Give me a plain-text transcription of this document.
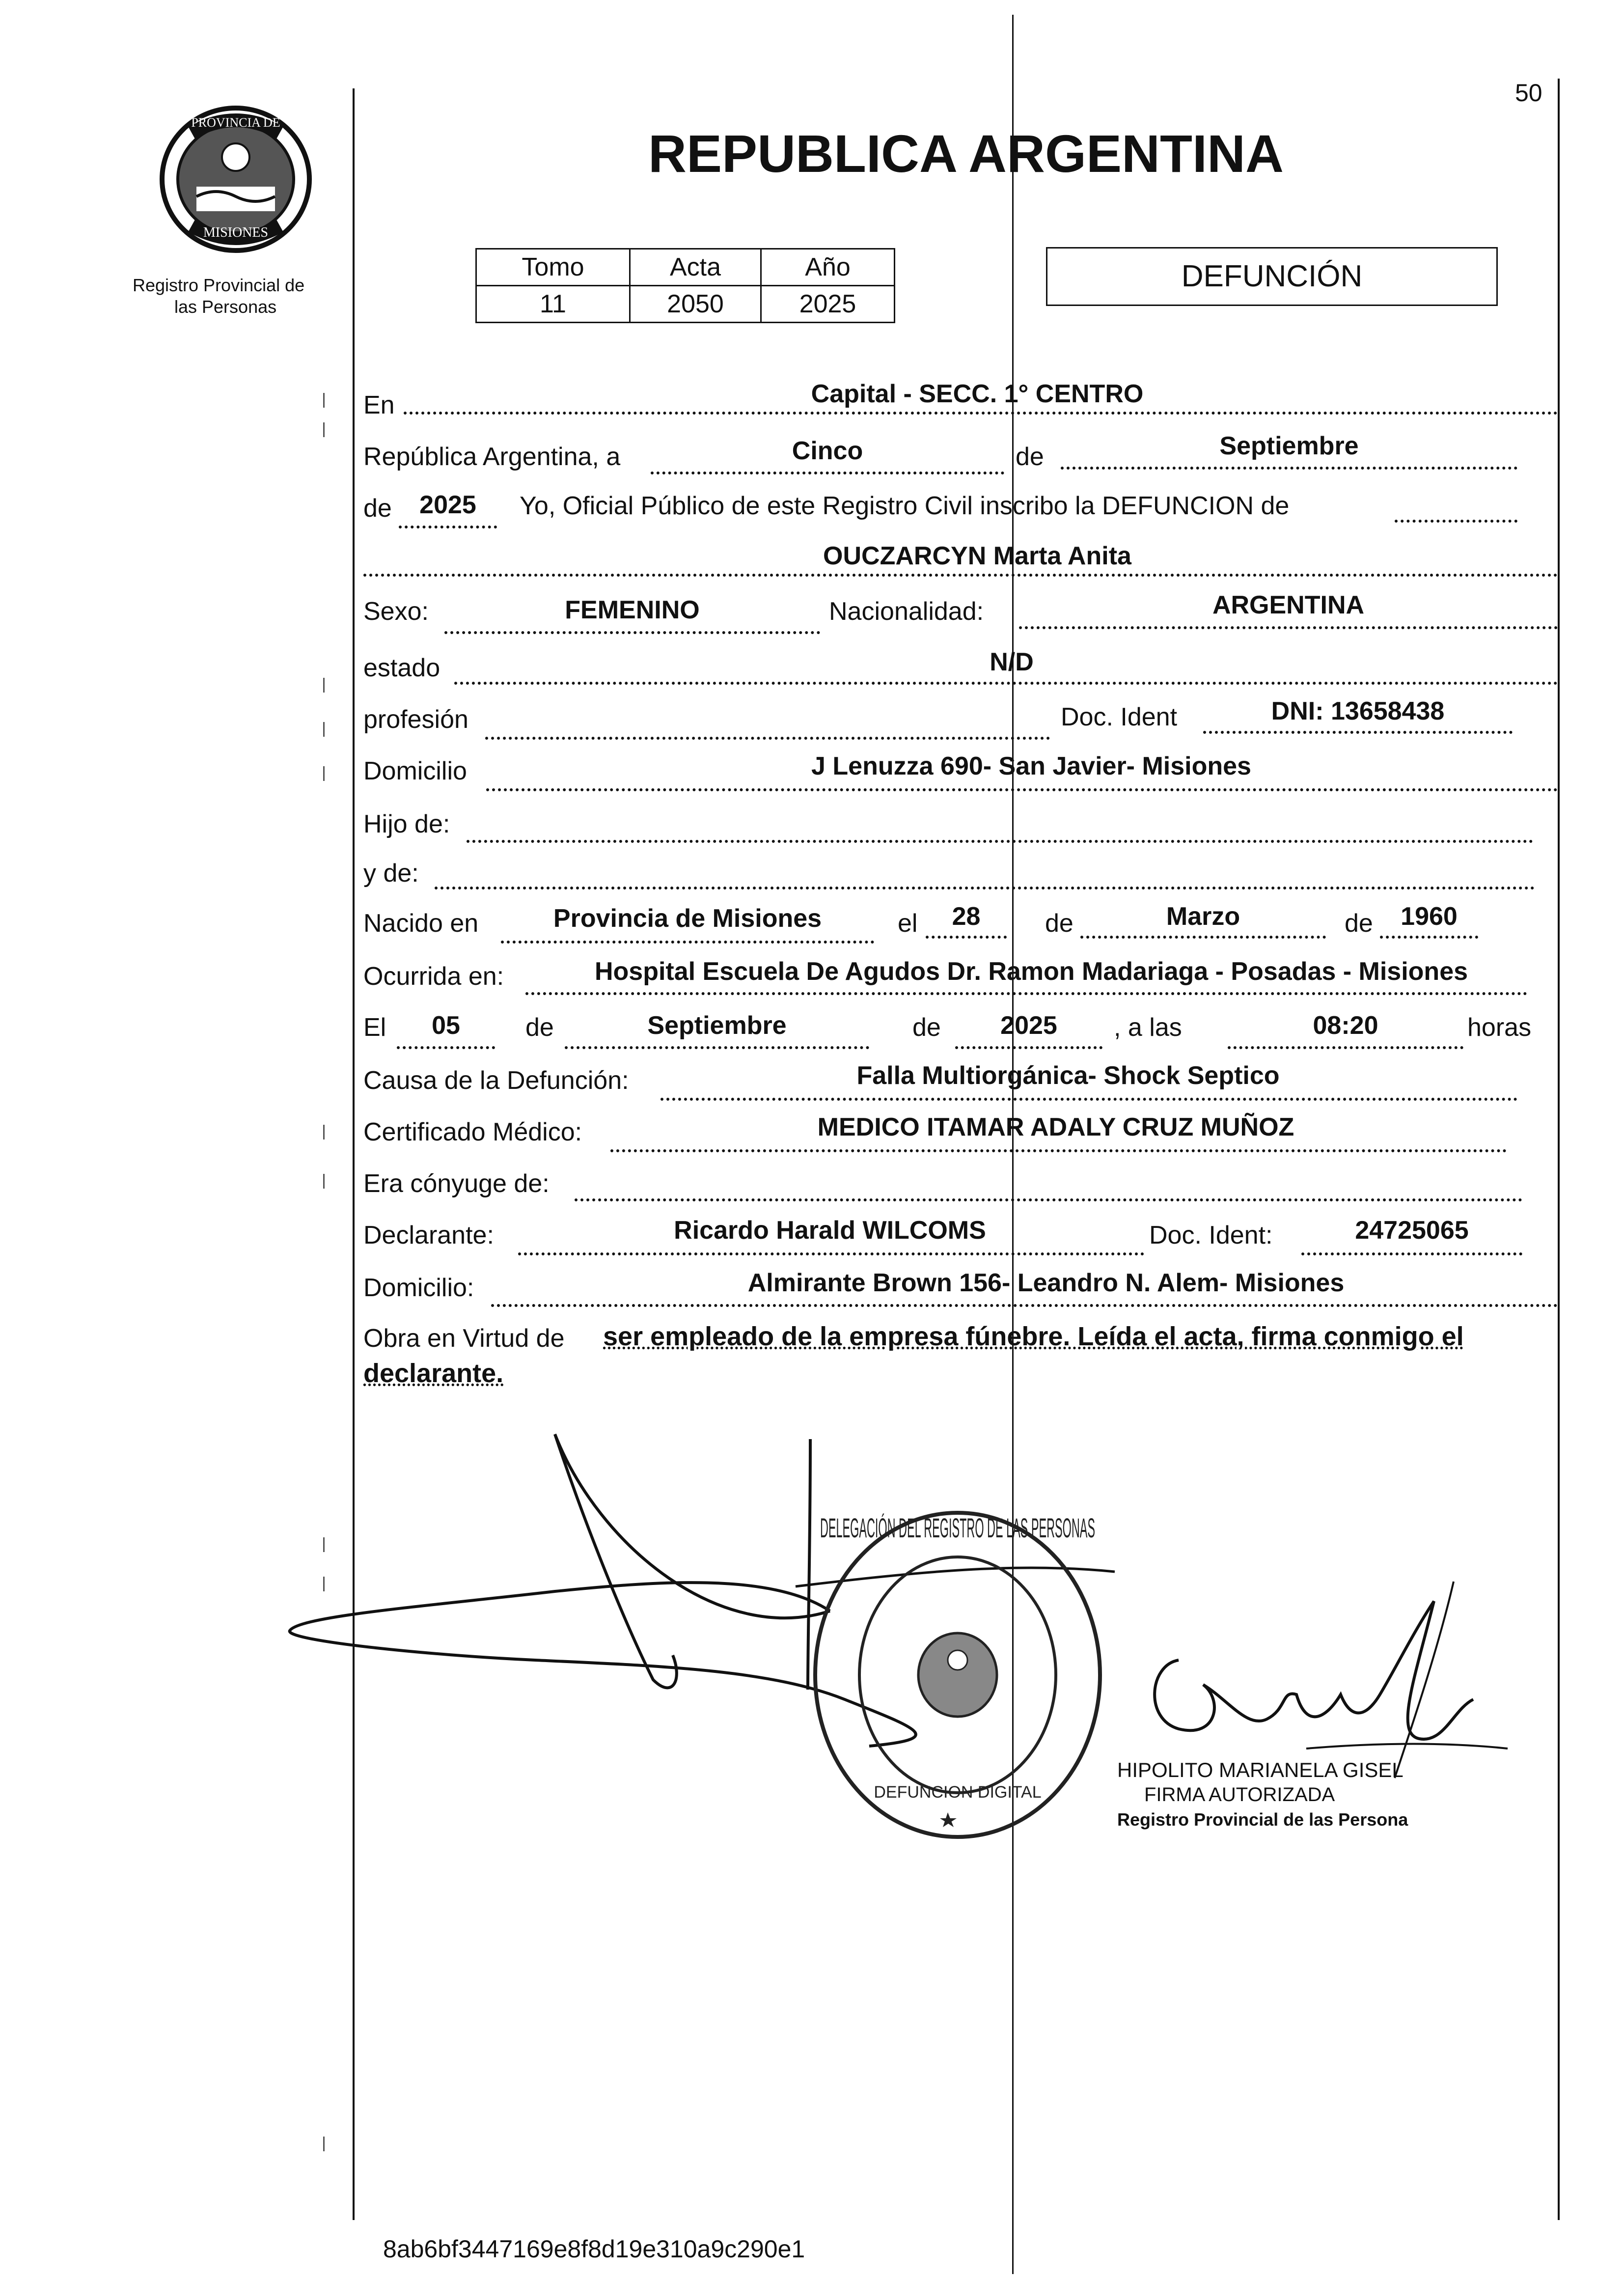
PROVINCIA DE
MISIONES
Registro Provincial de
las Personas
50
REPUBLICA ARGENTINA
Tomo	Acta	Año
11	2050	2025
DEFUNCIÓN
En	Capital - SECC. 1° CENTRO
República Argentina, a	Cinco	de	Septiembre
de	2025	Yo, Oficial Público de este Registro Civil inscribo la DEFUNCION de
OUCZARCYN Marta Anita
Sexo:	FEMENINO	Nacionalidad:	ARGENTINA
estado	N/D
profesión	Doc. Ident	DNI: 13658438
Domicilio	J Lenuzza 690- San Javier- Misiones
Hijo de:
y de:
Nacido en	Provincia de Misiones	el	28	de	Marzo	de	1960
Ocurrida en:	Hospital Escuela De Agudos Dr. Ramon Madariaga - Posadas - Misiones
El	05	de	Septiembre	de	2025	, a las	08:20	horas
Causa de la Defunción:	Falla Multiorgánica- Shock Septico
Certificado Médico:	MEDICO ITAMAR ADALY CRUZ MUÑOZ
Era cónyuge de:
Declarante:	Ricardo Harald WILCOMS	Doc. Ident:	24725065
Domicilio:	Almirante Brown 156- Leandro N. Alem- Misiones
Obra en Virtud de ser empleado de la empresa fúnebre. Leída el acta, firma conmigo el
declarante.
DELEGACIÓN DEL REGISTRO DE LAS PERSONAS
DEFUNCION DIGITAL
HIPOLITO MARIANELA GISEL
FIRMA AUTORIZADA
Registro Provincial de las Persona
8ab6bf3447169e8f8d19e310a9c290e1
